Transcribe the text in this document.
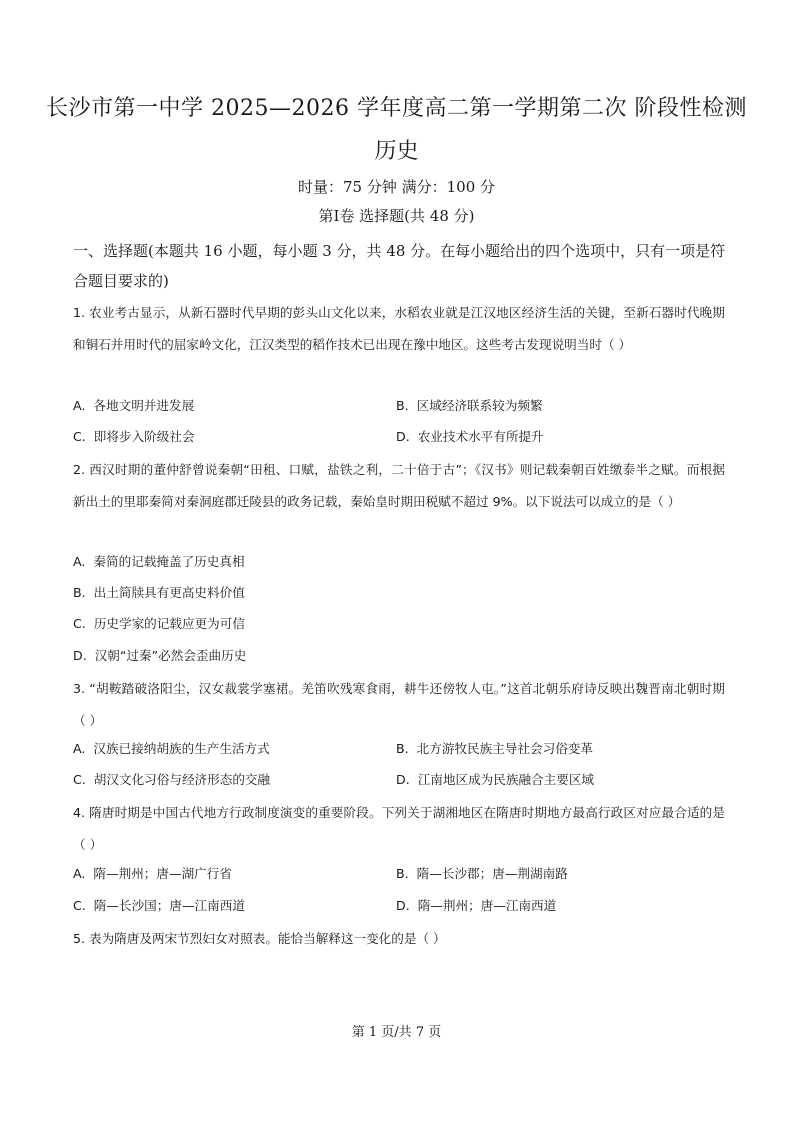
长沙市第一中学 2025—2026 学年度高二第一学期第二次 阶段性检测
历史
时量：75 分钟 满分：100 分
第Ⅰ卷 选择题(共 48 分)
一、选择题(本题共 16 小题，每小题 3 分，共 48 分。在每小题给出的四个选项中，只有一项是符合题目要求的)
1. 农业考古显示，从新石器时代早期的彭头山文化以来，水稻农业就是江汉地区经济生活的关键，至新石器时代晚期和铜石并用时代的屈家岭文化，江汉类型的稻作技术已出现在豫中地区。这些考古发现说明当时（ ）
A. 各地文明并进发展	B. 区域经济联系较为频繁
C. 即将步入阶级社会	D. 农业技术水平有所提升
2. 西汉时期的董仲舒曾说秦朝“田租、口赋，盐铁之利，二十倍于古”；《汉书》则记载秦朝百姓缴泰半之赋。而根据新出土的里耶秦简对秦洞庭郡迁陵县的政务记载，秦始皇时期田税赋不超过 9%。以下说法可以成立的是（ ）
A. 秦简的记载掩盖了历史真相
B. 出土简牍具有更高史料价值
C. 历史学家的记载应更为可信
D. 汉朝“过秦”必然会歪曲历史
3. “胡鞍踏破洛阳尘，汉女裁裳学塞裙。羌笛吹残寒食雨，耕牛还傍牧人屯。”这首北朝乐府诗反映出魏晋南北朝时期（ ）
A. 汉族已接纳胡族的生产生活方式	B. 北方游牧民族主导社会习俗变革
C. 胡汉文化习俗与经济形态的交融	D. 江南地区成为民族融合主要区域
4. 隋唐时期是中国古代地方行政制度演变的重要阶段。下列关于湖湘地区在隋唐时期地方最高行政区对应最合适的是（ ）
A. 隋—荆州；唐—湖广行省	B. 隋—长沙郡；唐—荆湖南路
C. 隋—长沙国；唐—江南西道	D. 隋—荆州；唐—江南西道
5. 表为隋唐及两宋节烈妇女对照表。能恰当解释这一变化的是（ ）
第 1 页/共 7 页
